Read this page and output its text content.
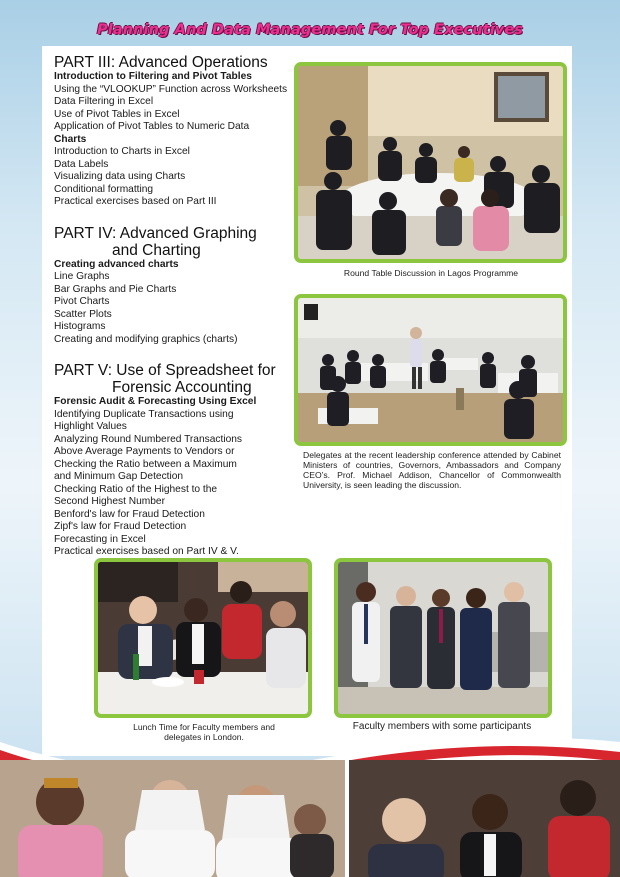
Planning And Data Management For Top Executives
PART III: Advanced Operations
Introduction to Filtering and Pivot Tables
Using the “VLOOKUP” Function across Worksheets
Data Filtering in Excel
Use of Pivot Tables in Excel
Application of Pivot Tables to Numeric Data
Charts
Introduction to Charts in Excel
Data Labels
Visualizing data using Charts
Conditional formatting
Practical exercises based on Part III
PART IV: Advanced Graphing
and Charting
Creating advanced charts
Line Graphs
Bar Graphs and Pie Charts
Pivot Charts
Scatter Plots
Histograms
Creating and modifying graphics (charts)
PART V: Use of Spreadsheet for
Forensic Accounting
Forensic Audit & Forecasting Using Excel
Identifying Duplicate Transactions using
Highlight Values
Analyzing Round Numbered Transactions
Above Average Payments to Vendors or
Checking the Ratio between a Maximum
and Minimum Gap Detection
Checking Ratio of the Highest to the
Second Highest Number
Benford's law for Fraud Detection
Zipf's law for Fraud Detection
Forecasting in Excel
Practical exercises based on Part IV & V.
Round Table Discussion in Lagos Programme
Delegates at the recent leadership conference attended by Cabinet Ministers of countries, Governors, Ambassadors and Company CEO’s. Prof. Michael Addison, Chancellor of Commonwealth University, is seen leading the discussion.
Lunch Time for Faculty members and delegates in London.
Faculty members with some participants
